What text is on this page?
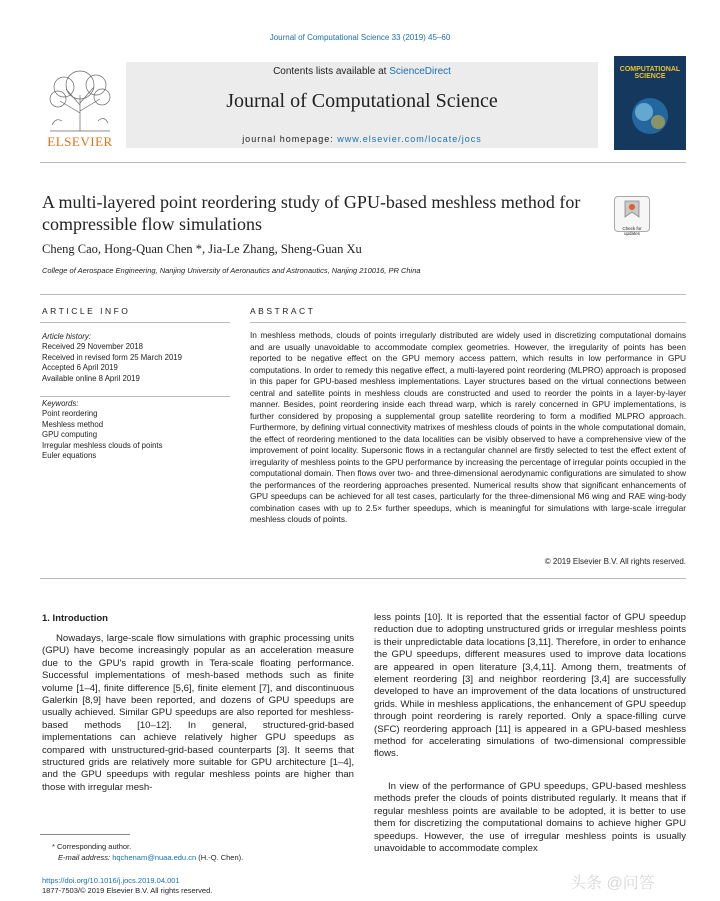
Journal of Computational Science 33 (2019) 45–60
ELSEVIER
Contents lists available at ScienceDirect
Journal of Computational Science
journal homepage: www.elsevier.com/locate/jocs
COMPUTATIONAL SCIENCE
A multi-layered point reordering study of GPU-based meshless method for compressible flow simulations	Check for updates
Cheng Cao, Hong-Quan Chen *, Jia-Le Zhang, Sheng-Guan Xu
College of Aerospace Engineering, Nanjing University of Aeronautics and Astronautics, Nanjing 210016, PR China
ARTICLE INFO
Article history:
Received 29 November 2018
Received in revised form 25 March 2019
Accepted 6 April 2019
Available online 8 April 2019
Keywords:
Point reordering
Meshless method
GPU computing
Irregular meshless clouds of points
Euler equations
ABSTRACT
In meshless methods, clouds of points irregularly distributed are widely used in discretizing computational domains and are usually unavoidable to accommodate complex geometries. However, the irregularity of points has been reported to be negative effect on the GPU memory access pattern, which results in low performance in GPU computations. In order to remedy this negative effect, a multi-layered point reordering (MLPRO) approach is proposed in this paper for GPU-based meshless implementations. Layer structures based on the virtual connections between central and satellite points in meshless clouds are constructed and used to reorder the points in a layer-by-layer manner. Besides, point reordering inside each thread warp, which is rarely concerned in GPU implementations, is further considered by proposing a supplemental group satellite reordering to form a modified MLPRO approach. Furthermore, by defining virtual connectivity matrixes of meshless clouds of points in the whole computational domain, the effect of reordering mentioned to the data localities can be visibly observed to have a comprehensive view of the improvement of point locality. Supersonic flows in a rectangular channel are firstly selected to test the effect extent of irregularity of meshless points to the GPU performance by increasing the percentage of irregular points occupied in the computational domain. Then flows over two- and three-dimensional aerodynamic configurations are simulated to show the performances of the reordering approaches presented. Numerical results show that significant enhancements of GPU speedups can be achieved for all test cases, particularly for the three-dimensional M6 wing and RAE wing-body combination cases with up to 2.5× further speedups, which is meaningful for simulations with large-scale irregular meshless clouds of points.
© 2019 Elsevier B.V. All rights reserved.
1. Introduction
Nowadays, large-scale flow simulations with graphic processing units (GPU) have become increasingly popular as an acceleration measure due to the GPU's rapid growth in Tera-scale floating performance. Successful implementations of mesh-based methods such as finite volume [1–4], finite difference [5,6], finite element [7], and discontinuous Galerkin [8,9] have been reported, and dozens of GPU speedups are usually achieved. Similar GPU speedups are also reported for meshless-based methods [10–12]. In general, structured-grid-based implementations can achieve relatively higher GPU speedups as compared with unstructured-grid-based counterparts [3]. It seems that structured grids are relatively more suitable for GPU architecture [1–4], and the GPU speedups with regular meshless points are higher than those with irregular mesh-
less points [10]. It is reported that the essential factor of GPU speedup reduction due to adopting unstructured grids or irregular meshless points is their unpredictable data locations [3,11]. Therefore, in order to enhance the GPU speedups, different measures used to improve data locations are appeared in open literature [3,4,11]. Among them, treatments of element reordering [3] and neighbor reordering [3,4] are successfully developed to have an improvement of the data locations of unstructured grids. While in meshless applications, the enhancement of GPU speedup through point reordering is rarely reported. Only a space-filling curve (SFC) reordering approach [11] is appeared in a GPU-based meshless method for accelerating simulations of two-dimensional compressible flows.
In view of the performance of GPU speedups, GPU-based meshless methods prefer the clouds of points distributed regularly. It means that if regular meshless points are available to be adopted, it is better to use them for discretizing the computational domains to achieve higher GPU speedups. However, the use of irregular meshless points is usually unavoidable to accommodate complex
* Corresponding author.
E-mail address: hqchenam@nuaa.edu.cn (H.-Q. Chen).
https://doi.org/10.1016/j.jocs.2019.04.001
1877-7503/© 2019 Elsevier B.V. All rights reserved.	头条 @问答
